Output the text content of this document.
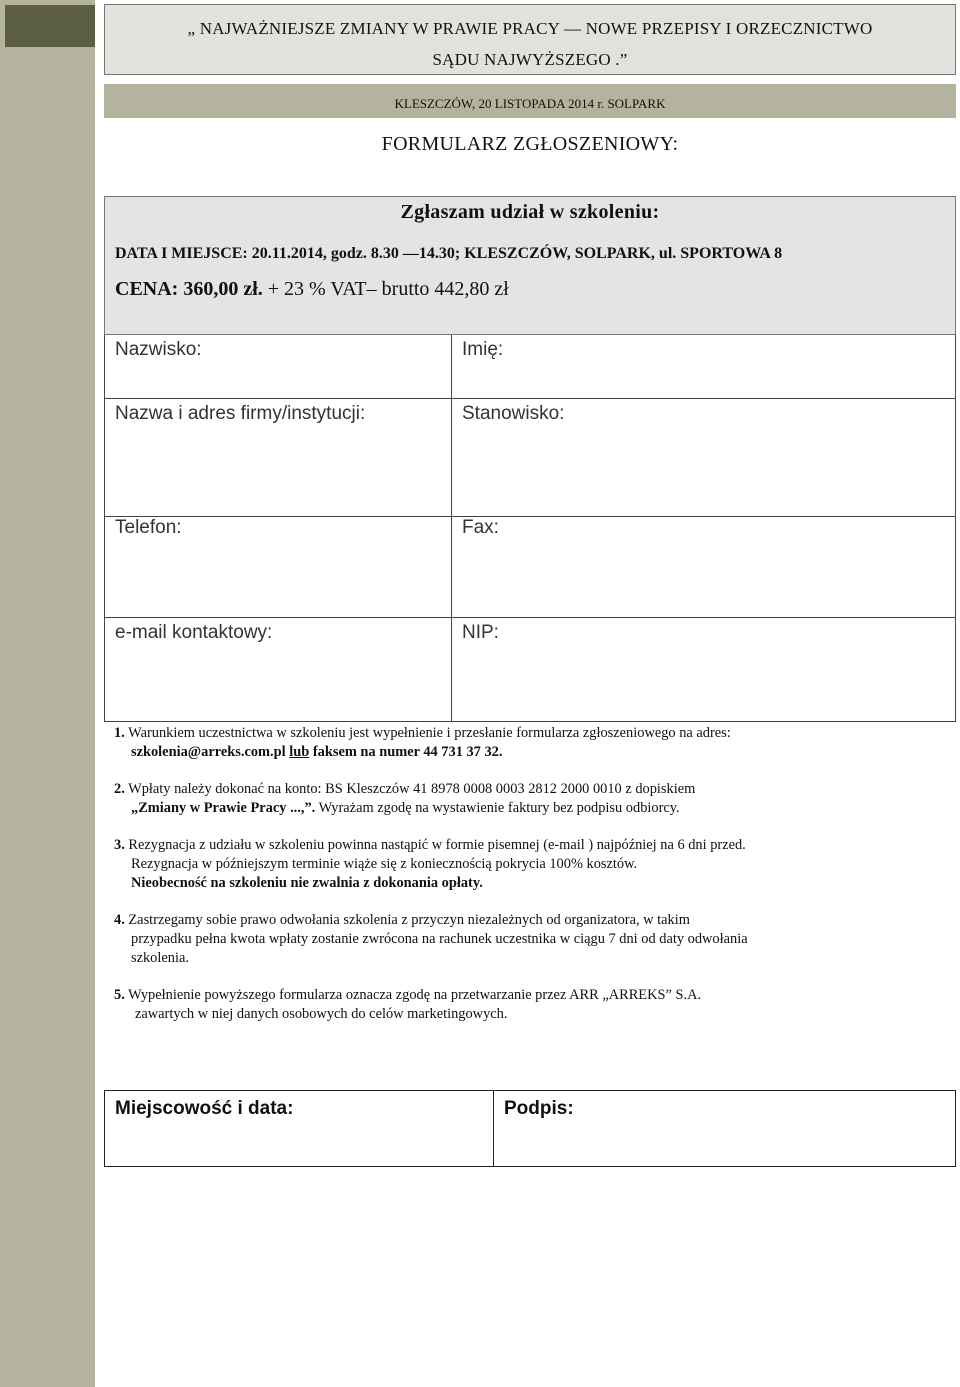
„ NAJWAŻNIEJSZE ZMIANY W PRAWIE PRACY — NOWE PRZEPISY I ORZECZNICTWO
SĄDU NAJWYŻSZEGO .”
KLESZCZÓW, 20 LISTOPADA 2014 r. SOLPARK
FORMULARZ ZGŁOSZENIOWY:
Zgłaszam udział w szkoleniu:
DATA I MIEJSCE: 20.11.2014, godz. 8.30 —14.30; KLESZCZÓW, SOLPARK, ul. SPORTOWA 8
CENA: 360,00 zł. + 23 % VAT– brutto 442,80 zł
Nazwisko:	Imię:
Nazwa i adres firmy/instytucji:	Stanowisko:
Telefon:	Fax:
e-mail kontaktowy:	NIP:
1. Warunkiem uczestnictwa w szkoleniu jest wypełnienie i przesłanie formularza zgłoszeniowego na adres:
szkolenia@arreks.com.pl lub faksem na numer 44 731 37 32.
2. Wpłaty należy dokonać na konto: BS Kleszczów 41 8978 0008 0003 2812 2000 0010 z dopiskiem
„Zmiany w Prawie Pracy ...,”. Wyrażam zgodę na wystawienie faktury bez podpisu odbiorcy.
3. Rezygnacja z udziału w szkoleniu powinna nastąpić w formie pisemnej (e-mail ) najpóźniej na 6 dni przed.
Rezygnacja w późniejszym terminie wiąże się z koniecznością pokrycia 100% kosztów.
Nieobecność na szkoleniu nie zwalnia z dokonania opłaty.
4. Zastrzegamy sobie prawo odwołania szkolenia z przyczyn niezależnych od organizatora, w takim
przypadku pełna kwota wpłaty zostanie zwrócona na rachunek uczestnika w ciągu 7 dni od daty odwołania
szkolenia.
5. Wypełnienie powyższego formularza oznacza zgodę na przetwarzanie przez ARR „ARREKS” S.A.
zawartych w niej danych osobowych do celów marketingowych.
Miejscowość i data:	Podpis:
